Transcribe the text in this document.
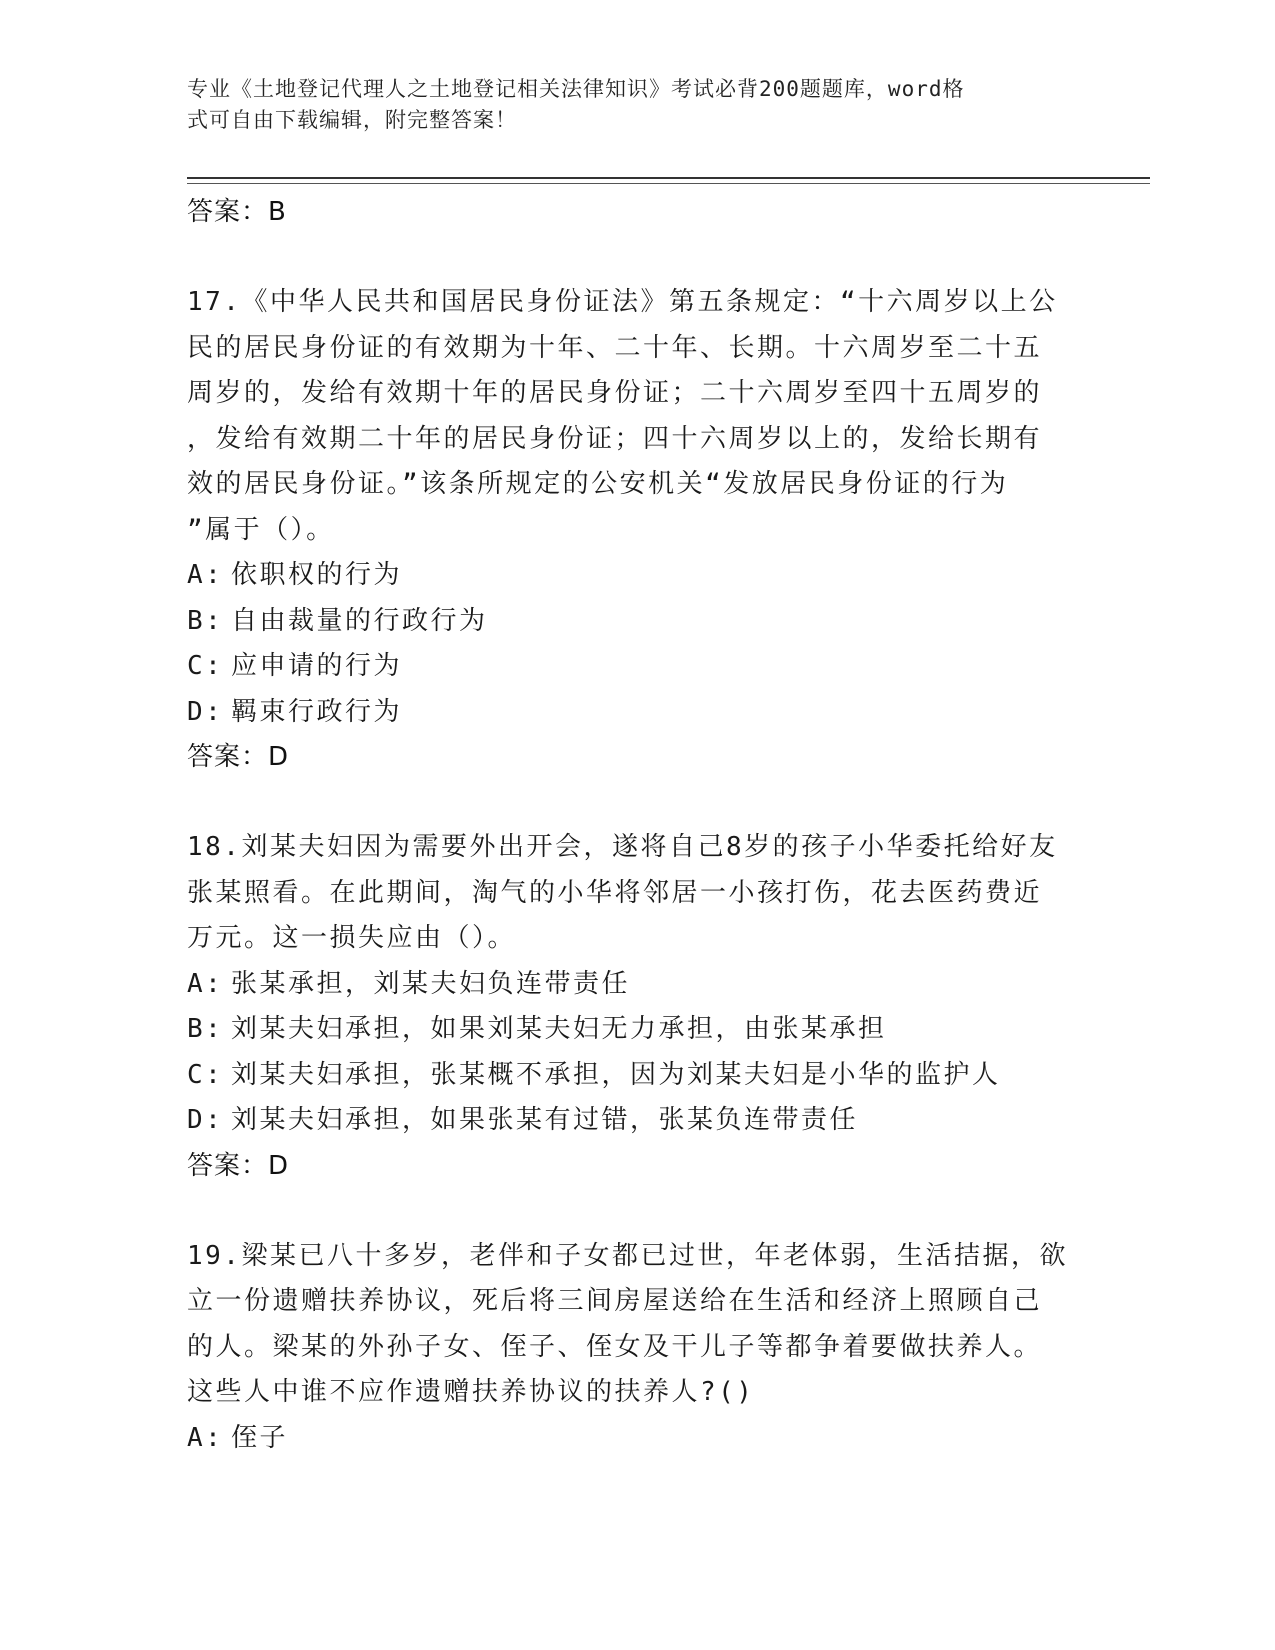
专业《土地登记代理人之土地登记相关法律知识》考试必背200题题库，word格
式可自由下载编辑，附完整答案！
答案：B
17.《中华人民共和国居民身份证法》第五条规定：“十六周岁以上公
民的居民身份证的有效期为十年、二十年、长期。十六周岁至二十五
周岁的，发给有效期十年的居民身份证；二十六周岁至四十五周岁的
，发给有效期二十年的居民身份证；四十六周岁以上的，发给长期有
效的居民身份证。”该条所规定的公安机关“发放居民身份证的行为
”属于（）。
A: 依职权的行为
B: 自由裁量的行政行为
C: 应申请的行为
D: 羁束行政行为
答案：D
18.刘某夫妇因为需要外出开会，遂将自己8岁的孩子小华委托给好友
张某照看。在此期间，淘气的小华将邻居一小孩打伤，花去医药费近
万元。这一损失应由（）。
A: 张某承担，刘某夫妇负连带责任
B: 刘某夫妇承担，如果刘某夫妇无力承担，由张某承担
C: 刘某夫妇承担，张某概不承担，因为刘某夫妇是小华的监护人
D: 刘某夫妇承担，如果张某有过错，张某负连带责任
答案：D
19.梁某已八十多岁，老伴和子女都已过世，年老体弱，生活拮据，欲
立一份遗赠扶养协议，死后将三间房屋送给在生活和经济上照顾自己
的人。梁某的外孙子女、侄子、侄女及干儿子等都争着要做扶养人。
这些人中谁不应作遗赠扶养协议的扶养人?()
A: 侄子
